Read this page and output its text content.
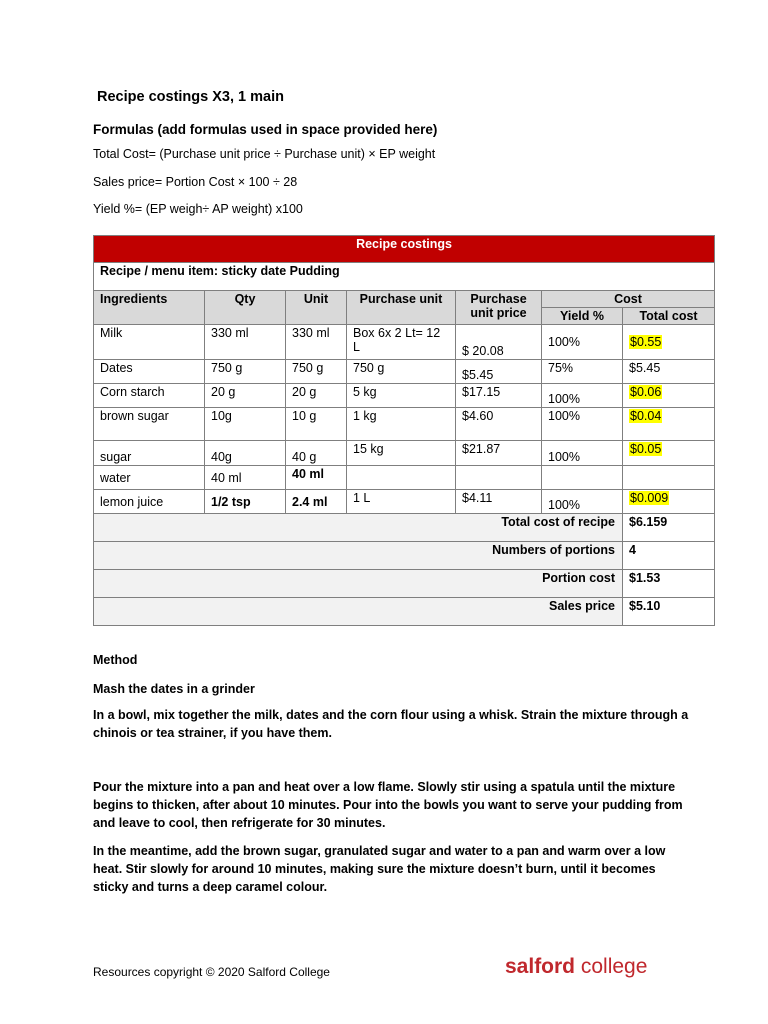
Recipe costings X3, 1 main
Formulas (add formulas used in space provided here)
Total Cost= (Purchase unit price ÷ Purchase unit) × EP weight
Sales price= Portion Cost × 100 ÷ 28
Yield %= (EP weigh÷ AP weight) x100
Recipe costings						
Recipe / menu item: sticky date Pudding						
Ingredients	Qty	Unit	Purchase unit	Purchase unit price	Cost	
					Yield %	Total cost
Milk	330 ml	330 ml	Box 6x 2 Lt= 12 L	$ 20.08	100%	$0.55
Dates	750 g	750 g	750 g	$5.45	75%	$5.45
Corn starch	20 g	20 g	5 kg	$17.15	100%	$0.06
brown sugar	10g	10 g	1 kg	$4.60	100%	$0.04
sugar	40g	40 g	15 kg	$21.87	100%	$0.05
water	40 ml	40 ml				
lemon juice	1/2 tsp	2.4 ml	1 L	$4.11	100%	$0.009
Total cost of recipe						$6.159
Numbers of portions						4
Portion cost						$1.53
Sales price						$5.10
Method
Mash the dates in a grinder
In a bowl, mix together the milk, dates and the corn flour using a whisk. Strain the mixture through a chinois or tea strainer, if you have them.
Pour the mixture into a pan and heat over a low flame. Slowly stir using a spatula until the mixture begins to thicken, after about 10 minutes. Pour into the bowls you want to serve your pudding from and leave to cool, then refrigerate for 30 minutes.
In the meantime, add the brown sugar, granulated sugar and water to a pan and warm over a low heat. Stir slowly for around 10 minutes, making sure the mixture doesn’t burn, until it becomes sticky and turns a deep caramel colour.
Resources copyright © 2020 Salford College	salford college
